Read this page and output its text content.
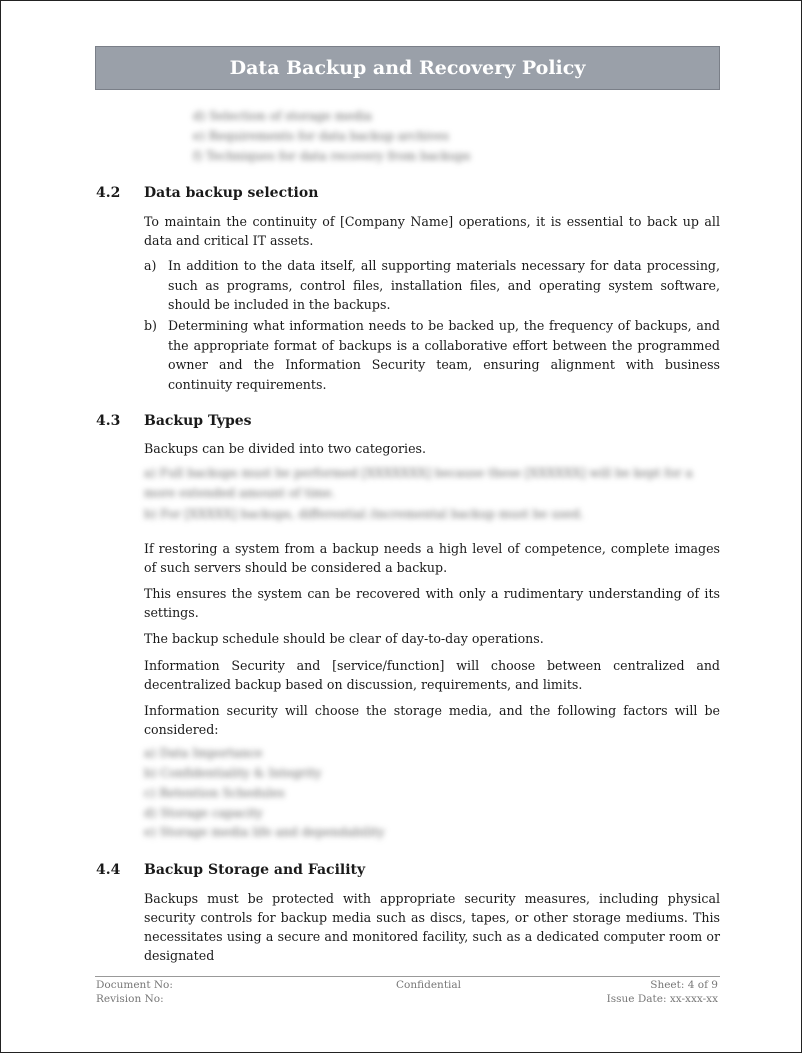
Data Backup and Recovery Policy
d) Selection of storage media
e) Requirements for data backup archives
f) Techniques for data recovery from backups
4.2 Data backup selection

To maintain the continuity of [Company Name] operations, it is essential to back up all data and critical IT assets.

a) In addition to the data itself, all supporting materials necessary for data processing, such as programs, control files, installation files, and operating system software, should be included in the backups.
b) Determining what information needs to be backed up, the frequency of backups, and the appropriate format of backups is a collaborative effort between the programmed owner and the Information Security team, ensuring alignment with business continuity requirements.
4.3 Backup Types

Backups can be divided into two categories.

a) Full backups must be performed [XXXXXXX] because these [XXXXXX] will be kept for a
more extended amount of time.
b) For [XXXXX] backups, differential /incremental backup must be used.

If restoring a system from a backup needs a high level of competence, complete images of such servers should be considered a backup.

This ensures the system can be recovered with only a rudimentary understanding of its settings.

The backup schedule should be clear of day-to-day operations.

Information Security and [service/function] will choose between centralized and decentralized backup based on discussion, requirements, and limits.

Information security will choose the storage media, and the following factors will be considered:

a) Data Importance
b) Confidentiality & Integrity
c) Retention Schedules
d) Storage capacity
e) Storage media life and dependability
4.4 Backup Storage and Facility

Backups must be protected with appropriate security measures, including physical security controls for backup media such as discs, tapes, or other storage mediums. This necessitates using a secure and monitored facility, such as a dedicated computer room or designated

Document No:
Revision No:
Confidential	Sheet: 4 of 9
Issue Date: xx-xxx-xx
